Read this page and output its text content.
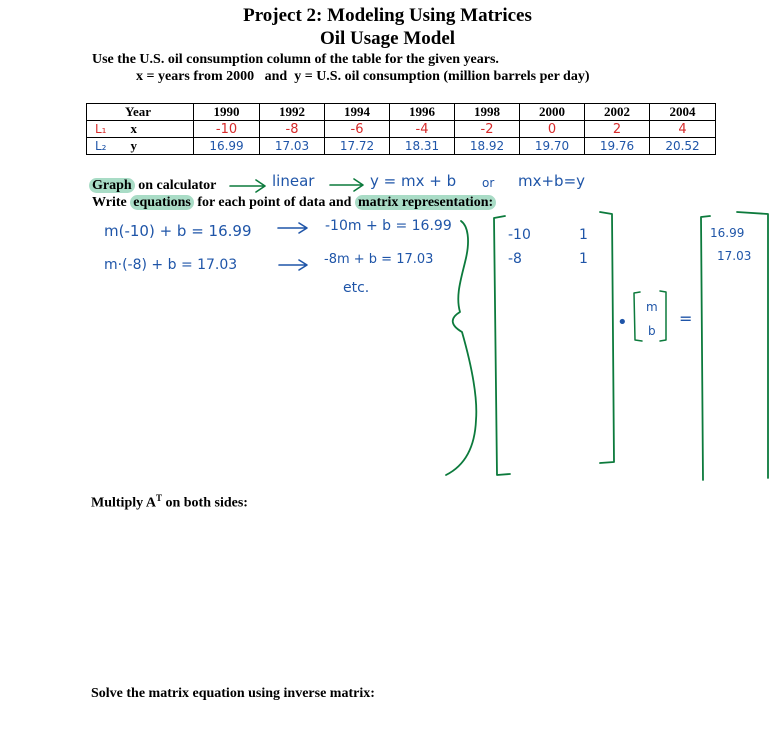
Project 2: Modeling Using Matrices
Oil Usage Model
Use the U.S. oil consumption column of the table for the given years.
x = years from 2000 and y = U.S. oil consumption (million barrels per day)
Year	1990	1992	1994	1996	1998	2000	2002	2004
L₁ x	-10	-8	-6	-4	-2	0	2	4
L₂ y	16.99	17.03	17.72	18.31	18.92	19.70	19.76	20.52
Graph on calculator	linear	y = mx + b or mx+b=y
Write equations for each point of data and matrix representation:
m(-10) + b = 16.99	-10m + b = 16.99
m·(-8) + b = 17.03	-8m + b = 17.03
etc.
-10	1
-8	1
•
m
b
=
16.99
17.03
Multiply $A^T$ on both sides:
Solve the matrix equation using inverse matrix:
